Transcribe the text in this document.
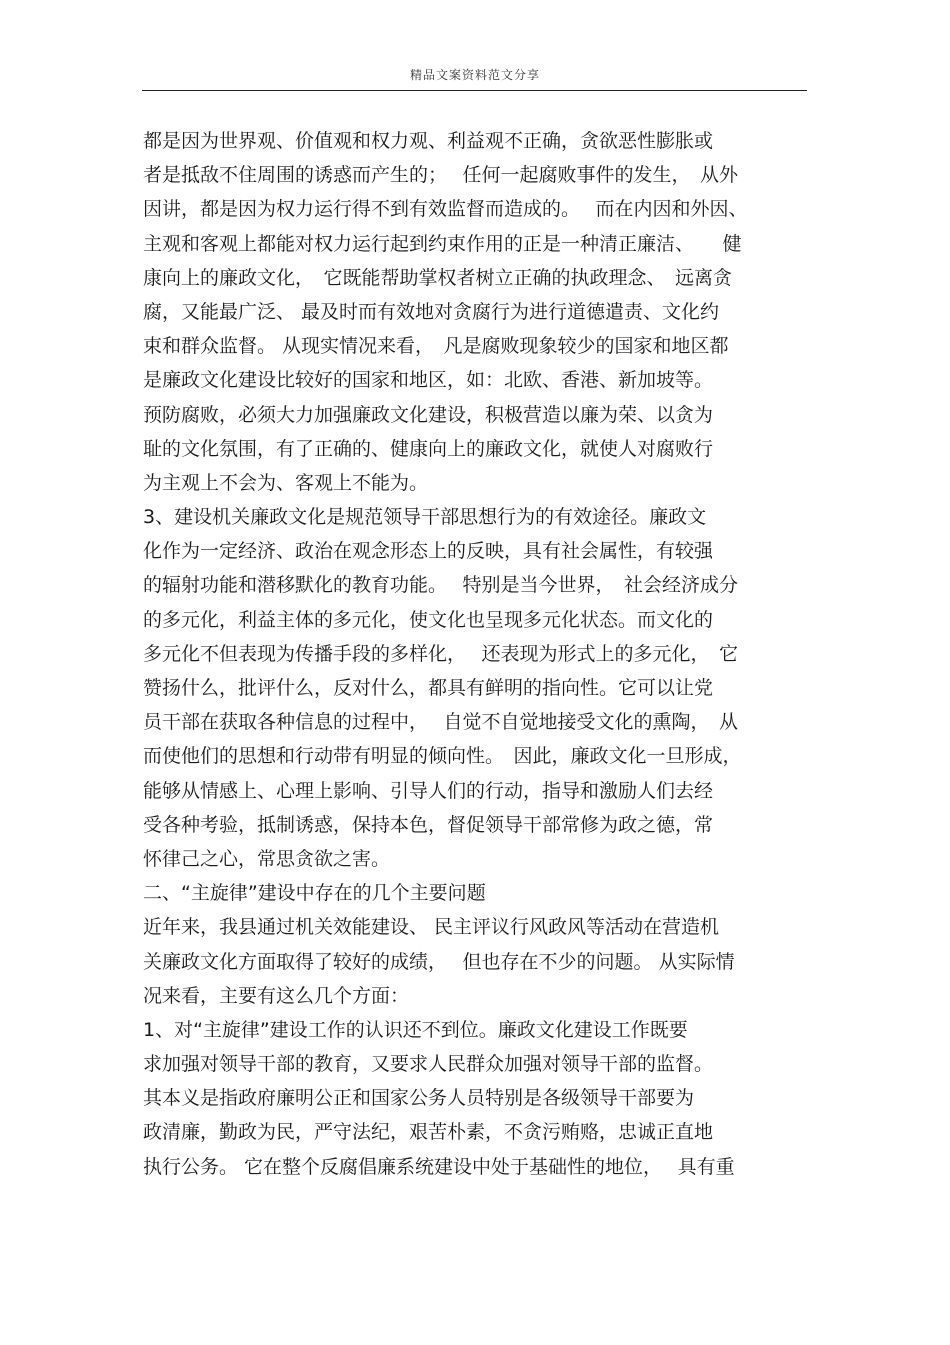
精品文案资料范文分享
都是因为世界观、价值观和权力观、利益观不正确，贪欲恶性膨胀或
者是抵敌不住周围的诱惑而产生的；　 任何一起腐败事件的发生，　从外
因讲，都是因为权力运行得不到有效监督而造成的。　 而在内因和外因、
主观和客观上都能对权力运行起到约束作用的正是一种清正廉洁、　　健
康向上的廉政文化，　它既能帮助掌权者树立正确的执政理念、　远离贪
腐，又能最广泛、 最及时而有效地对贪腐行为进行道德遣责、文化约
束和群众监督。 从现实情况来看，　凡是腐败现象较少的国家和地区都
是廉政文化建设比较好的国家和地区，如：北欧、香港、新加坡等。
预防腐败，必须大力加强廉政文化建设，积极营造以廉为荣、以贪为
耻的文化氛围，有了正确的、健康向上的廉政文化，就使人对腐败行
为主观上不会为、客观上不能为。
3、建设机关廉政文化是规范领导干部思想行为的有效途径。廉政文
化作为一定经济、政治在观念形态上的反映，具有社会属性，有较强
的辐射功能和潜移默化的教育功能。　 特别是当今世界，　社会经济成分
的多元化，利益主体的多元化，使文化也呈现多元化状态。而文化的
多元化不但表现为传播手段的多样化，　 还表现为形式上的多元化，　它
赞扬什么，批评什么，反对什么，都具有鲜明的指向性。它可以让党
员干部在获取各种信息的过程中，　 自觉不自觉地接受文化的熏陶，　从
而使他们的思想和行动带有明显的倾向性。　因此，廉政文化一旦形成，
能够从情感上、心理上影响、引导人们的行动，指导和激励人们去经
受各种考验，抵制诱惑，保持本色，督促领导干部常修为政之德，常
怀律己之心，常思贪欲之害。
二、“主旋律”建设中存在的几个主要问题
近年来，我县通过机关效能建设、 民主评议行风政风等活动在营造机
关廉政文化方面取得了较好的成绩，　 但也存在不少的问题。 从实际情
况来看，主要有这么几个方面：
1、对“主旋律”建设工作的认识还不到位。廉政文化建设工作既要
求加强对领导干部的教育，又要求人民群众加强对领导干部的监督。
其本义是指政府廉明公正和国家公务人员特别是各级领导干部要为
政清廉，勤政为民，严守法纪，艰苦朴素，不贪污贿赂，忠诚正直地
执行公务。 它在整个反腐倡廉系统建设中处于基础性的地位，　 具有重
